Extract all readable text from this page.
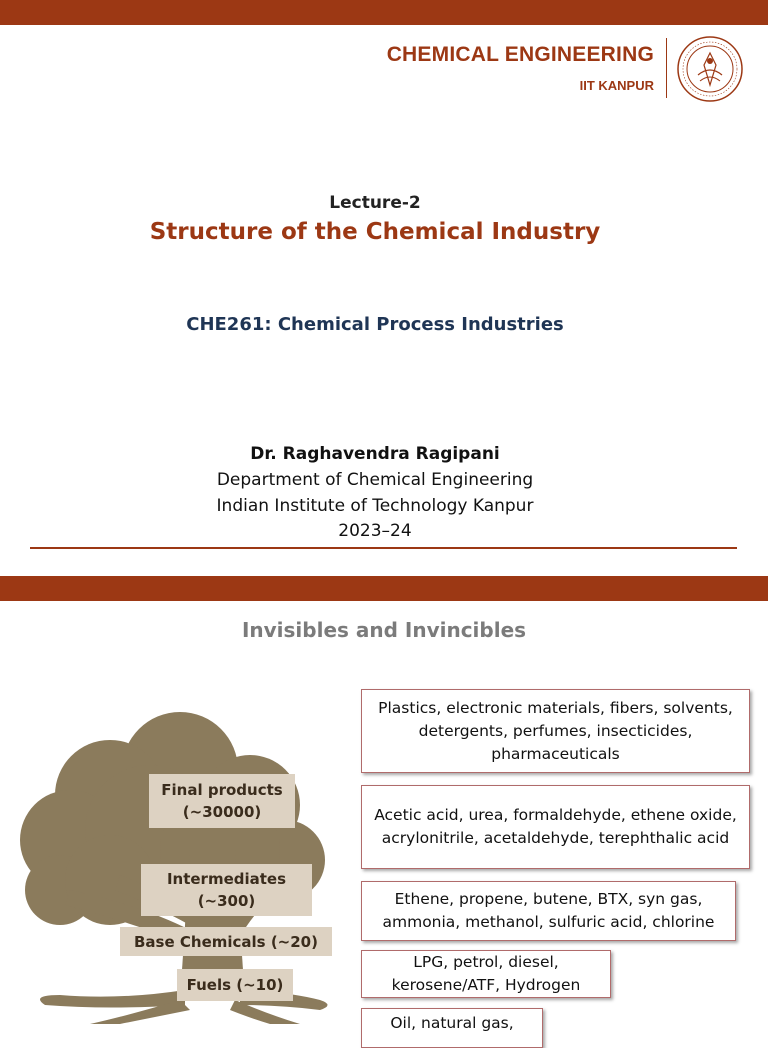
CHEMICAL ENGINEERING
IIT KANPUR
Lecture-2
Structure of the Chemical Industry
CHE261: Chemical Process Industries
Dr. Raghavendra Ragipani
Department of Chemical Engineering
Indian Institute of Technology Kanpur
2023–24
Invisibles and Invincibles
Final products
(~30000)
Intermediates
(~300)
Base Chemicals (~20)
Fuels (~10)
Plastics, electronic materials, fibers, solvents, detergents, perfumes, insecticides, pharmaceuticals
Acetic acid, urea, formaldehyde, ethene oxide, acrylonitrile, acetaldehyde, terephthalic acid
Ethene, propene, butene, BTX, syn gas, ammonia, methanol, sulfuric acid, chlorine
LPG, petrol, diesel, kerosene/ATF, Hydrogen
Oil, natural gas,
